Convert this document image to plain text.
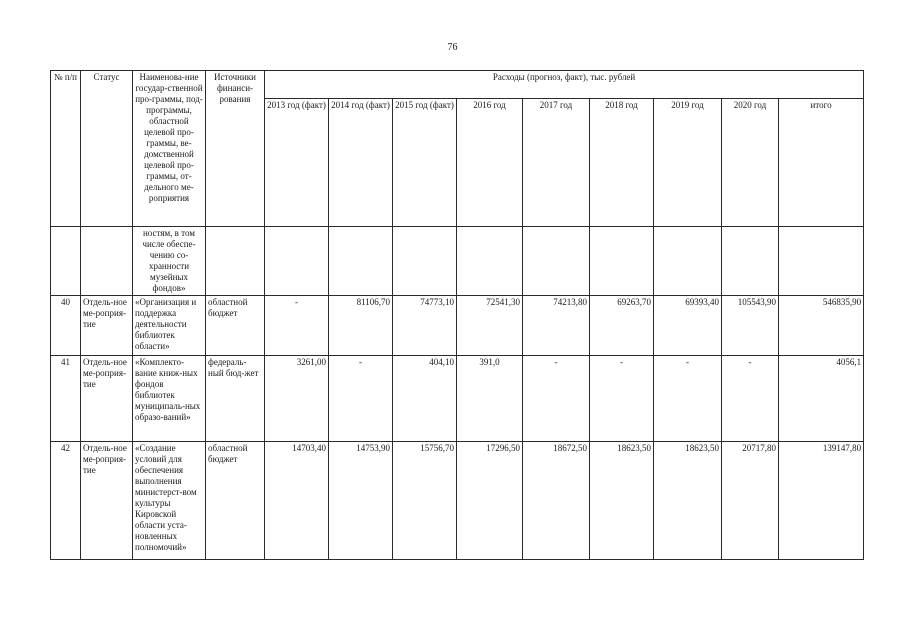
76
№ п/п	Статус	Наименова-ние государ-ственной про-граммы, под-программы, областной целевой про-граммы, ве-домственной целевой про-граммы, от-дельного ме-роприятия	Источники финанси-рования	Расходы (прогноз, факт), тыс. рублей								
				2013 год (факт)	2014 год (факт)	2015 год (факт)	2016 год	2017 год	2018 год	2019 год	2020 год	итого
		ностям, в том числе обеспе-чению со-хранности музейных фондов»										
40	Отдель-ное ме-роприя-тие	«Организация и поддержка деятельности библиотек области»	областной бюджет	-	81106,70	74773,10	72541,30	74213,80	69263,70	69393,40	105543,90	546835,90
41	Отдель-ное ме-роприя-тие	«Комплекто-вание книж-ных фондов библиотек муниципаль-ных образо-ваний»	федераль-ный бюд-жет	3261,00	-	404,10	391,0	-	-	-	-	4056,1
42	Отдель-ное ме-роприя-тие	«Создание условий для обеспечения выполнения министерст-вом культуры Кировской области уста-новленных полномочий»	областной бюджет	14703,40	14753,90	15756,70	17296,50	18672,50	18623,50	18623,50	20717,80	139147,80
